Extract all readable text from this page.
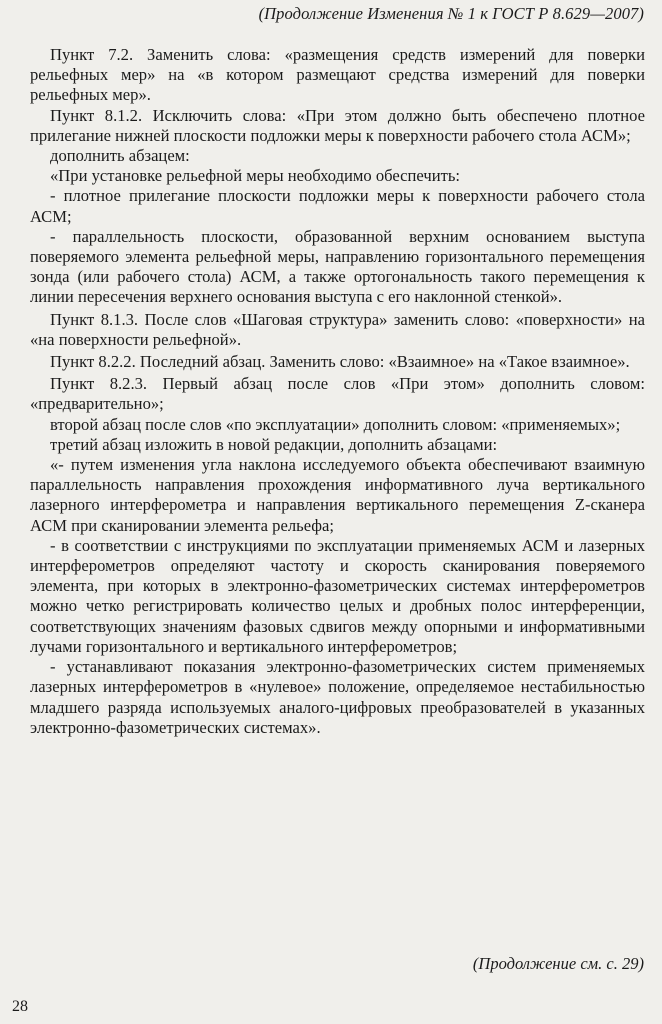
(Продолжение Изменения № 1 к ГОСТ Р 8.629—2007)

Пункт 7.2. Заменить слова: «размещения средств измерений для поверки рельефных мер» на «в котором размещают средства измерений для поверки рельефных мер».

Пункт 8.1.2. Исключить слова: «При этом должно быть обеспечено плотное прилегание нижней плоскости подложки меры к поверхности рабочего стола АСМ»;

дополнить абзацем:

«При установке рельефной меры необходимо обеспечить:

- плотное прилегание плоскости подложки меры к поверхности рабочего стола АСМ;

- параллельность плоскости, образованной верхним основанием выступа поверяемого элемента рельефной меры, направлению горизонтального перемещения зонда (или рабочего стола) АСМ, а также ортогональность такого перемещения к линии пересечения верхнего основания выступа с его наклонной стенкой».

Пункт 8.1.3. После слов «Шаговая структура» заменить слово: «поверхности» на «на поверхности рельефной».

Пункт 8.2.2. Последний абзац. Заменить слово: «Взаимное» на «Такое взаимное».

Пункт 8.2.3. Первый абзац после слов «При этом» дополнить словом: «предварительно»;

второй абзац после слов «по эксплуатации» дополнить словом: «применяемых»;

третий абзац изложить в новой редакции, дополнить абзацами:

«- путем изменения угла наклона исследуемого объекта обеспечивают взаимную параллельность направления прохождения информативного луча вертикального лазерного интерферометра и направления вертикального перемещения Z-сканера АСМ при сканировании элемента рельефа;

- в соответствии с инструкциями по эксплуатации применяемых АСМ и лазерных интерферометров определяют частоту и скорость сканирования поверяемого элемента, при которых в электронно-фазометрических системах интерферометров можно четко регистрировать количество целых и дробных полос интерференции, соответствующих значениям фазовых сдвигов между опорными и информативными лучами горизонтального и вертикального интерферометров;

- устанавливают показания электронно-фазометрических систем применяемых лазерных интерферометров в «нулевое» положение, определяемое нестабильностью младшего разряда используемых аналого-цифровых преобразователей в указанных электронно-фазометрических системах».

(Продолжение см. с. 29)
28
